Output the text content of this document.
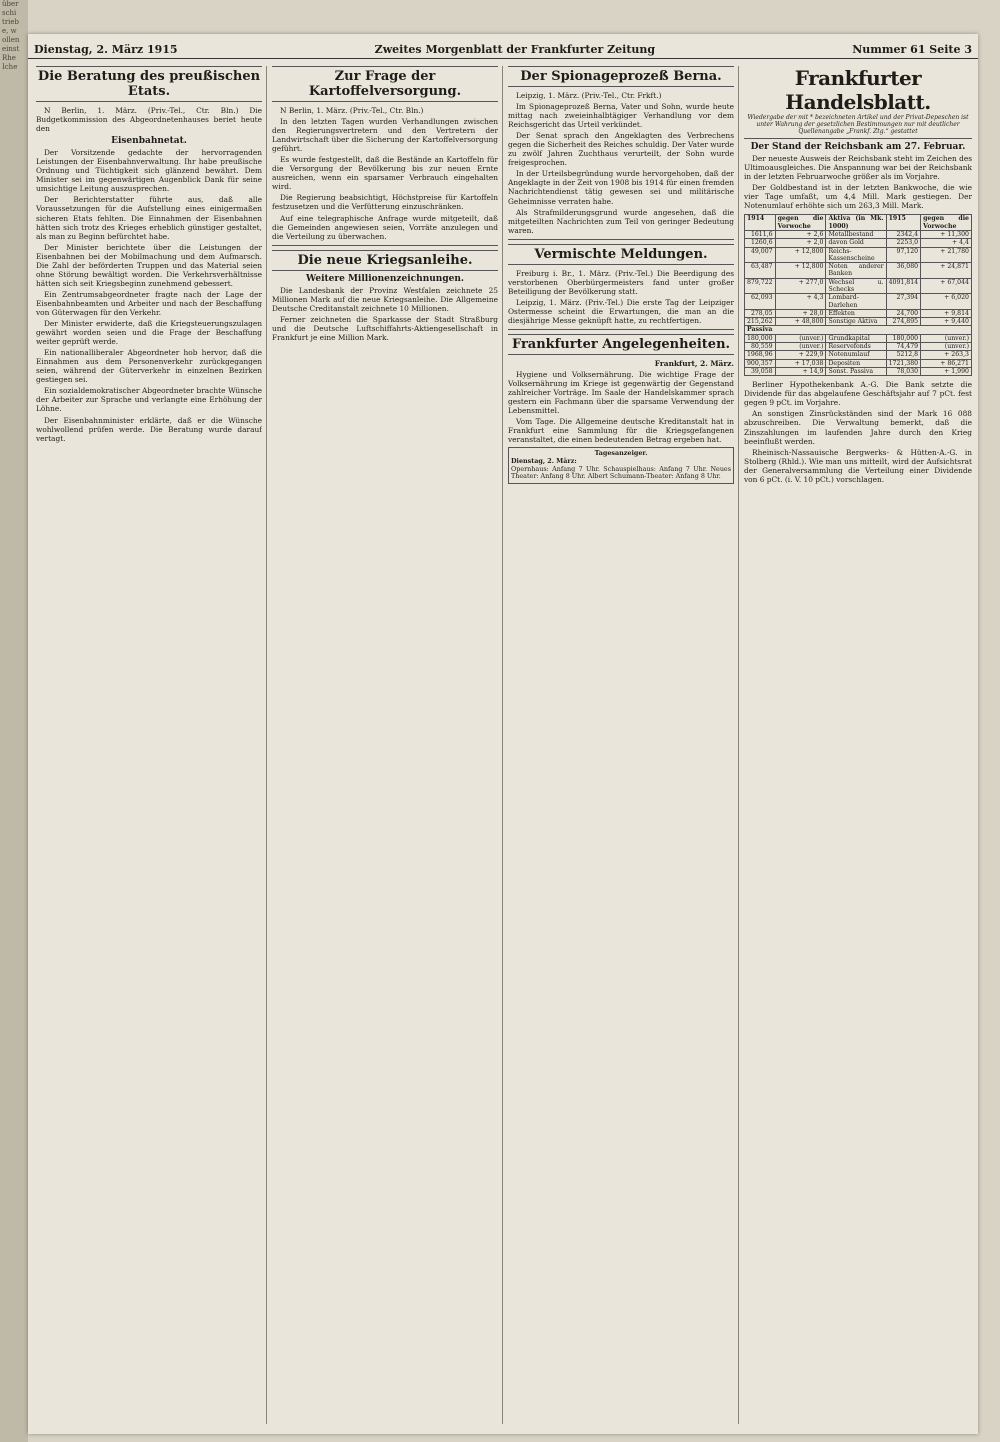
über
schi
trieb
e, w
ollen
einst
Rhe
Iche
Dienstag, 2. März 1915	Zweites Morgenblatt der Frankfurter Zeitung	Nummer 61 Seite 3
Die Beratung des preußischen Etats.

N Berlin, 1. März. (Priv.-Tel., Ctr. Bln.) Die Budgetkommission des Abgeordnetenhauses beriet heute den

Eisenbahnetat.

Der Vorsitzende gedachte der hervorragenden Leistungen der Eisenbahnverwaltung. Ihr habe preußische Ordnung und Tüchtigkeit sich glänzend bewährt. Dem Minister sei im gegenwärtigen Augenblick Dank für seine umsichtige Leitung auszusprechen.

Der Berichterstatter führte aus, daß alle Voraussetzungen für die Aufstellung eines einigermaßen sicheren Etats fehlten. Die Einnahmen der Eisenbahnen hätten sich trotz des Krieges erheblich günstiger gestaltet, als man zu Beginn befürchtet habe.

Der Minister berichtete über die Leistungen der Eisenbahnen bei der Mobilmachung und dem Aufmarsch. Die Zahl der beförderten Truppen und das Material seien ohne Störung bewältigt worden. Die Verkehrsverhältnisse hätten sich seit Kriegsbeginn zunehmend gebessert.

Ein Zentrumsabgeordneter fragte nach der Lage der Eisenbahnbeamten und Arbeiter und nach der Beschaffung von Güterwagen für den Verkehr.

Der Minister erwiderte, daß die Kriegsteuerungszulagen gewährt worden seien und die Frage der Beschaffung weiter geprüft werde.

Ein nationalliberaler Abgeordneter hob hervor, daß die Einnahmen aus dem Personenverkehr zurückgegangen seien, während der Güterverkehr in einzelnen Bezirken gestiegen sei.

Ein sozialdemokratischer Abgeordneter brachte Wünsche der Arbeiter zur Sprache und verlangte eine Erhöhung der Löhne.

Der Eisenbahnminister erklärte, daß er die Wünsche wohlwollend prüfen werde. Die Beratung wurde darauf vertagt.

Zur Frage der Kartoffelversorgung.

N Berlin, 1. März. (Priv.-Tel., Ctr. Bln.)

In den letzten Tagen wurden Verhandlungen zwischen den Regierungsvertretern und den Vertretern der Landwirtschaft über die Sicherung der Kartoffelversorgung geführt.

Es wurde festgestellt, daß die Bestände an Kartoffeln für die Versorgung der Bevölkerung bis zur neuen Ernte ausreichen, wenn ein sparsamer Verbrauch eingehalten wird.

Die Regierung beabsichtigt, Höchstpreise für Kartoffeln festzusetzen und die Verfütterung einzuschränken.

Auf eine telegraphische Anfrage wurde mitgeteilt, daß die Gemeinden angewiesen seien, Vorräte anzulegen und die Verteilung zu überwachen.

Die neue Kriegsanleihe.
Weitere Millionenzeichnungen.

Die Landesbank der Provinz Westfalen zeichnete 25 Millionen Mark auf die neue Kriegsanleihe. Die Allgemeine Deutsche Creditanstalt zeichnete 10 Millionen.

Ferner zeichneten die Sparkasse der Stadt Straßburg und die Deutsche Luftschiffahrts-Aktiengesellschaft in Frankfurt je eine Million Mark.

Der Spionageprozeß Berna.

Leipzig, 1. März. (Priv.-Tel., Ctr. Frkft.)

Im Spionageprozeß Berna, Vater und Sohn, wurde heute mittag nach zweieinhalbtägiger Verhandlung vor dem Reichsgericht das Urteil verkündet.

Der Senat sprach den Angeklagten des Verbrechens gegen die Sicherheit des Reiches schuldig. Der Vater wurde zu zwölf Jahren Zuchthaus verurteilt, der Sohn wurde freigesprochen.

In der Urteilsbegründung wurde hervorgehoben, daß der Angeklagte in der Zeit von 1908 bis 1914 für einen fremden Nachrichtendienst tätig gewesen sei und militärische Geheimnisse verraten habe.

Als Strafmilderungsgrund wurde angesehen, daß die mitgeteilten Nachrichten zum Teil von geringer Bedeutung waren.

Vermischte Meldungen.

Freiburg i. Br., 1. März. (Priv.-Tel.) Die Beerdigung des verstorbenen Oberbürgermeisters fand unter großer Beteiligung der Bevölkerung statt.

Leipzig, 1. März. (Priv.-Tel.) Die erste Tag der Leipziger Ostermesse scheint die Erwartungen, die man an die diesjährige Messe geknüpft hatte, zu rechtfertigen.

Frankfurter Angelegenheiten.
Frankfurt, 2. März.

Hygiene und Volksernährung. Die wichtige Frage der Volksernährung im Kriege ist gegenwärtig der Gegenstand zahlreicher Vorträge. Im Saale der Handelskammer sprach gestern ein Fachmann über die sparsame Verwendung der Lebensmittel.

Vom Tage. Die Allgemeine deutsche Kreditanstalt hat in Frankfurt eine Sammlung für die Kriegsgefangenen veranstaltet, die einen bedeutenden Betrag ergeben hat.

Tagesanzeiger.
Dienstag, 2. März:
Opernhaus: Anfang 7 Uhr. Schauspielhaus: Anfang 7 Uhr. Neues Theater: Anfang 8 Uhr. Albert Schumann-Theater: Anfang 8 Uhr.
Frankfurter Handelsblatt.
Wiedergabe der mit * bezeichneten Artikel und der Privat-Depeschen ist unter Wahrung der gesetzlichen Bestimmungen nur mit deutlicher Quellenangabe „Frankf. Ztg.“ gestattet
Der Stand der Reichsbank am 27. Februar.

Der neueste Ausweis der Reichsbank steht im Zeichen des Ultimoausgleiches. Die Anspannung war bei der Reichsbank in der letzten Februarwoche größer als im Vorjahre.

Der Goldbestand ist in der letzten Bankwoche, die wie vier Tage umfaßt, um 4,4 Mill. Mark gestiegen. Der Notenumlauf erhöhte sich um 263,3 Mill. Mark.

1914	gegen die Vorwoche	Aktiva (in Mk. 1000)	1915	gegen die Vorwoche
1611,6	+ 2,6	Metallbestand	2342,4	+ 11,300
1260,6	+ 2,0	davon Gold	2253,0	+ 4,4
49,007	+ 12,800	Reichs-Kassenscheine	97,120	+ 21,780
63,487	+ 12,800	Noten anderer Banken	36,080	+ 24,871
879,722	+ 277,0	Wechsel u. Schecks	4091,814	+ 67,044
62,093	+ 4,3	Lombard-Darlehen	27,394	+ 6,020
278,05	+ 28,0	Effekten	24,700	+ 9,814
215,262	+ 48,800	Sonstige Aktiva	274,895	+ 9,440
Passiva				
180,000	(unver.)	Grundkapital	180,000	(unver.)
80,559	(unver.)	Reservefonds	74,479	(unver.)
1968,96	+ 229,9	Notenumlauf	5212,8	+ 263,3
900,357	+ 17,038	Depositen	1721,380	+ 86,271
39,058	+ 14,9	Sonst. Passiva	78,030	+ 1,990

Berliner Hypothekenbank A.-G. Die Bank setzte die Dividende für das abgelaufene Geschäftsjahr auf 7 pCt. fest gegen 9 pCt. im Vorjahre.

An sonstigen Zinsrückständen sind der Mark 16 088 abzuschreiben. Die Verwaltung bemerkt, daß die Zinszahlungen im laufenden Jahre durch den Krieg beeinflußt werden.

Rheinisch-Nassauische Bergwerks- & Hütten-A.-G. in Stolberg (Rhld.). Wie man uns mitteilt, wird der Aufsichtsrat der Generalversammlung die Verteilung einer Dividende von 6 pCt. (i. V. 10 pCt.) vorschlagen.
